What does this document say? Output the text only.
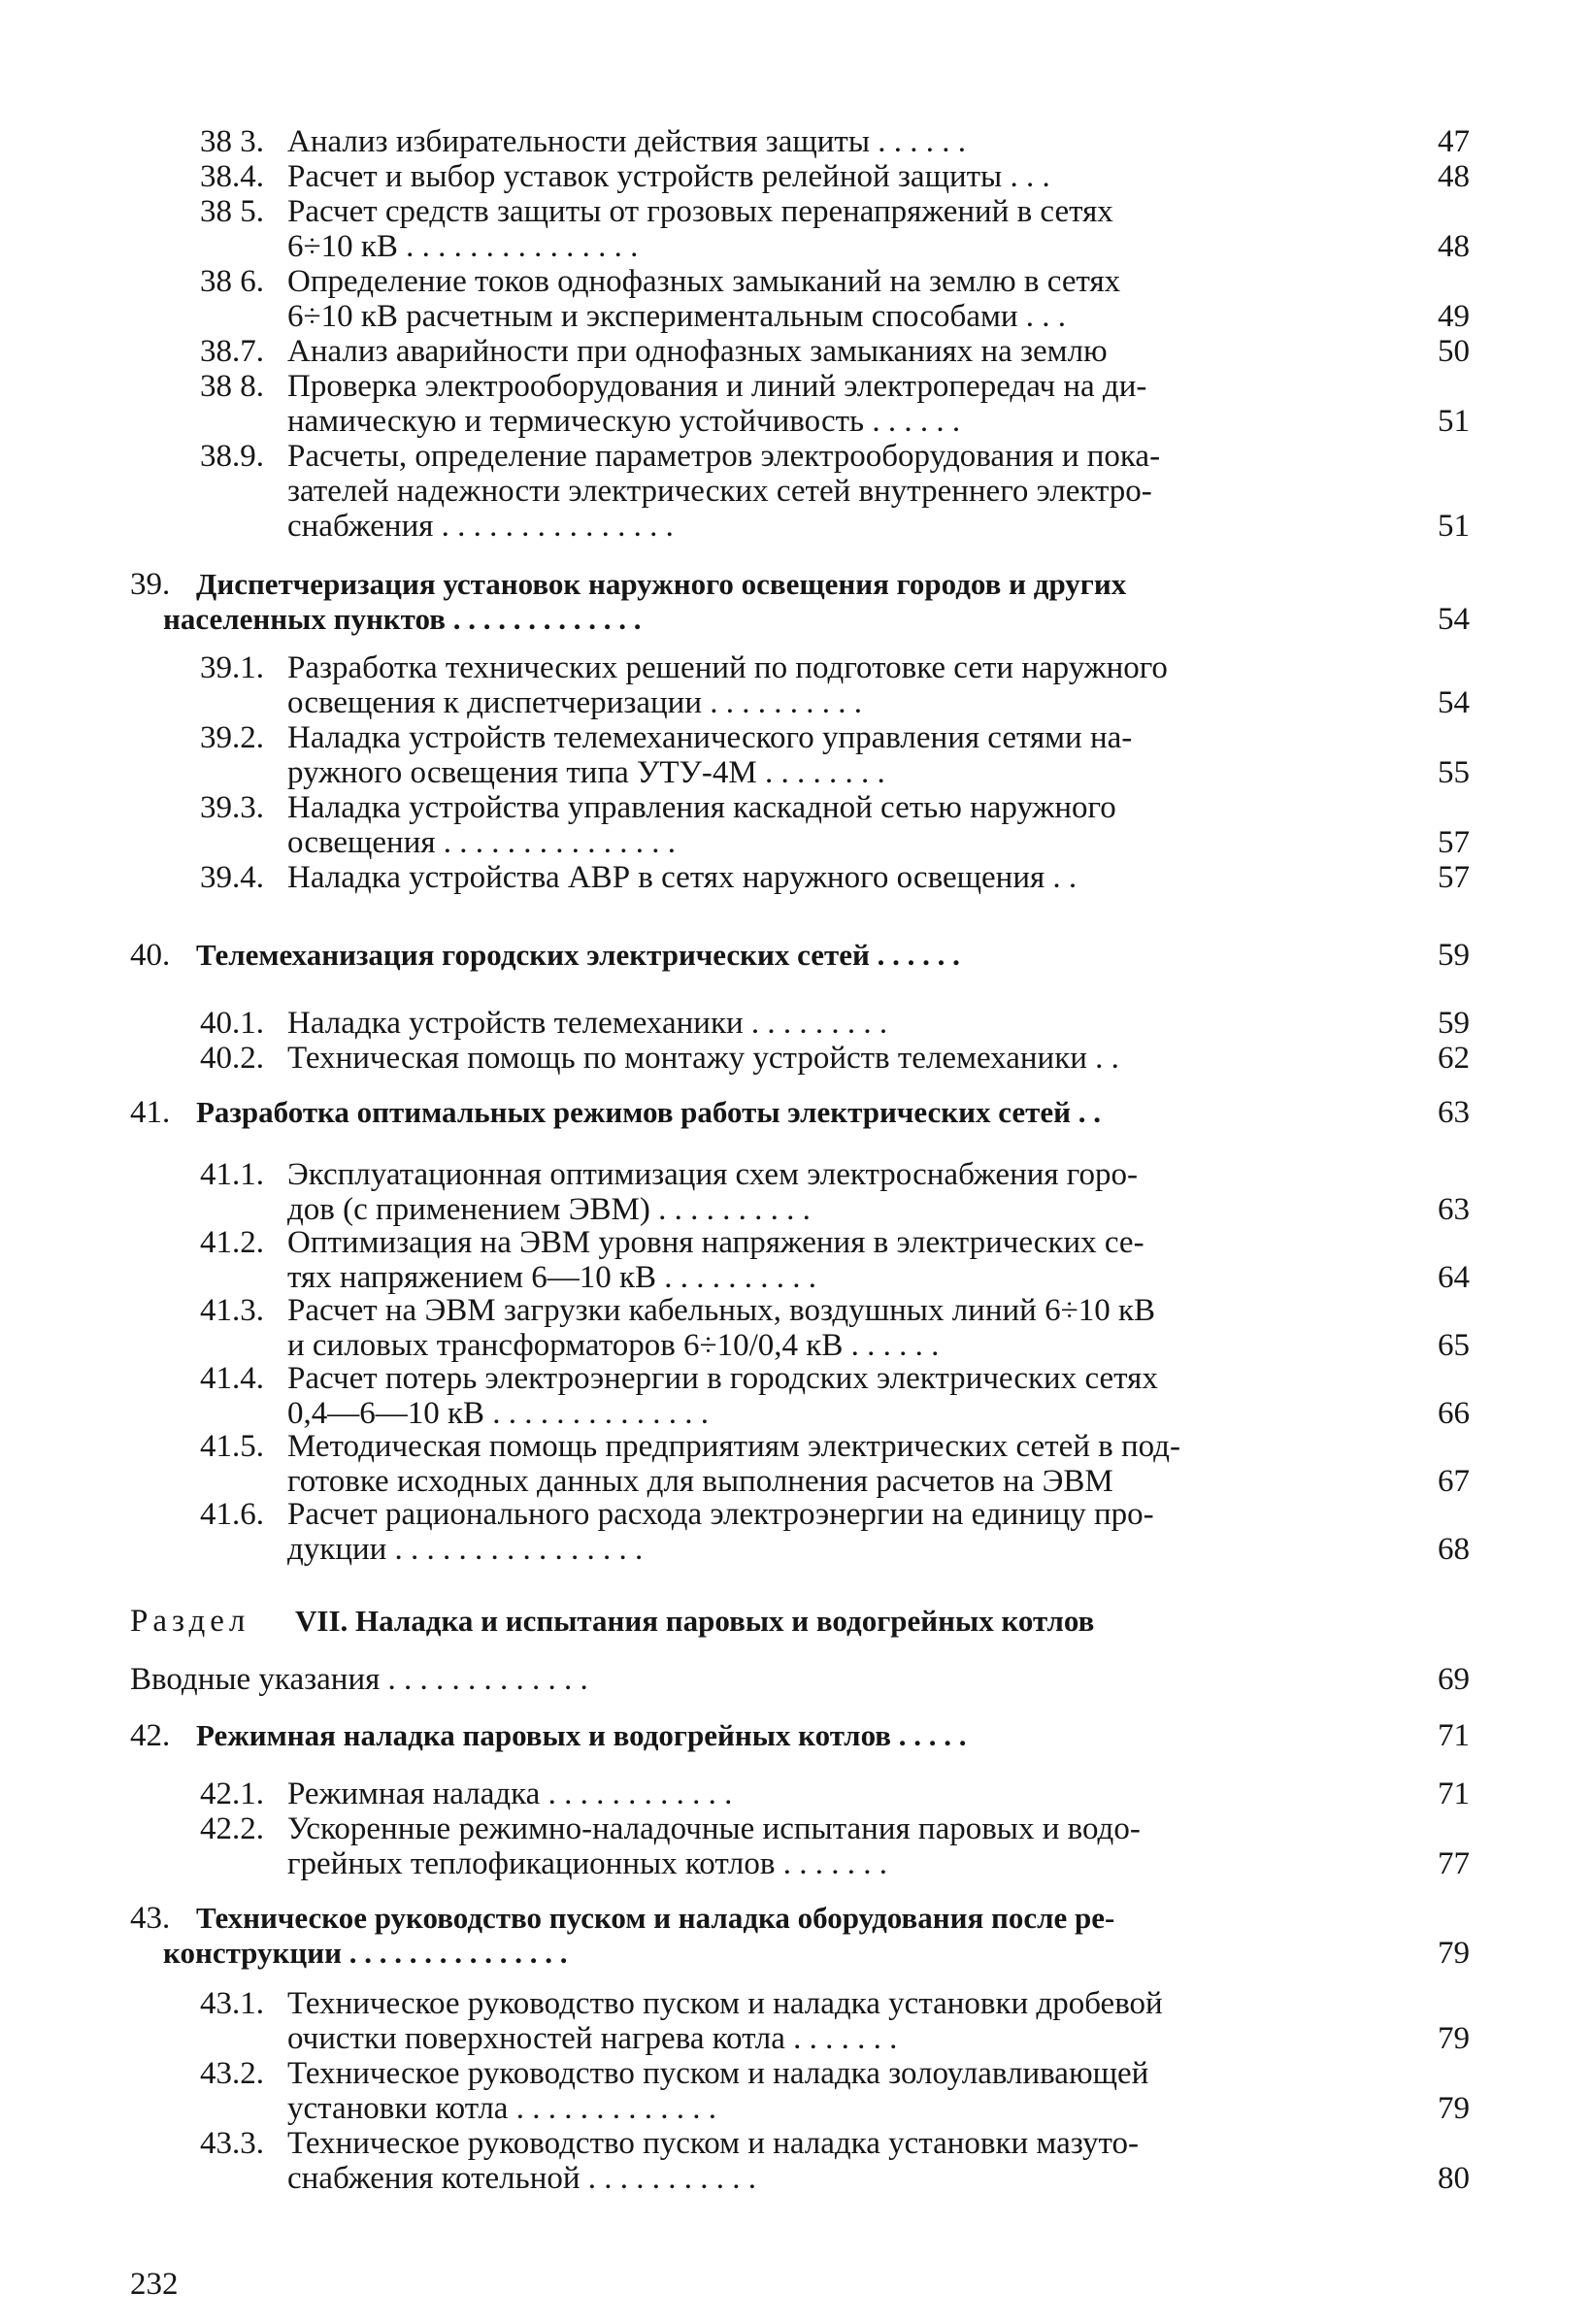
38 3. Анализ избирательности действия защиты . . . . . .	47
38.4. Расчет и выбор уставок устройств релейной защиты . . .	48
38 5. Расчет средств защиты от грозовых перенапряжений в сетях
6÷10 кВ . . . . . . . . . . . . . . .	48
38 6. Определение токов однофазных замыканий на землю в сетях
6÷10 кВ расчетным и экспериментальным способами . . .	49
38.7. Анализ аварийности при однофазных замыканиях на землю	50
38 8. Проверка электрооборудования и линий электропередач на ди-
намическую и термическую устойчивость . . . . . .	51
38.9. Расчеты, определение параметров электрооборудования и пока-
зателей надежности электрических сетей внутреннего электро-
снабжения . . . . . . . . . . . . . . .	51
39. Диспетчеризация установок наружного освещения городов и других
населенных пунктов . . . . . . . . . . . . .	54
39.1. Разработка технических решений по подготовке сети наружного
освещения к диспетчеризации . . . . . . . . . .	54
39.2. Наладка устройств телемеханического управления сетями на-
ружного освещения типа УТУ-4М . . . . . . . .	55
39.3. Наладка устройства управления каскадной сетью наружного
освещения . . . . . . . . . . . . . . .	57
39.4. Наладка устройства АВР в сетях наружного освещения . .	57
40. Телемеханизация городских электрических сетей . . . . . .	59
40.1. Наладка устройств телемеханики . . . . . . . . .	59
40.2. Техническая помощь по монтажу устройств телемеханики . .	62
41. Разработка оптимальных режимов работы электрических сетей . .	63
41.1. Эксплуатационная оптимизация схем электроснабжения горо-
дов (с применением ЭВМ) . . . . . . . . . .	63
41.2. Оптимизация на ЭВМ уровня напряжения в электрических се-
тях напряжением 6—10 кВ . . . . . . . . . .	64
41.3. Расчет на ЭВМ загрузки кабельных, воздушных линий 6÷10 кВ
и силовых трансформаторов 6÷10/0,4 кВ . . . . . .	65
41.4. Расчет потерь электроэнергии в городских электрических сетях
0,4—6—10 кВ . . . . . . . . . . . . . .	66
41.5. Методическая помощь предприятиям электрических сетей в под-
готовке исходных данных для выполнения расчетов на ЭВМ	67
41.6. Расчет рационального расхода электроэнергии на единицу про-
дукции . . . . . . . . . . . . . . . .	68
Раздел VII. Наладка и испытания паровых и водогрейных котлов
Вводные указания . . . . . . . . . . . . .	69
42. Режимная наладка паровых и водогрейных котлов . . . . .	71
42.1. Режимная наладка . . . . . . . . . . . .	71
42.2. Ускоренные режимно-наладочные испытания паровых и водо-
грейных теплофикационных котлов . . . . . . .	77
43. Техническое руководство пуском и наладка оборудования после ре-
конструкции . . . . . . . . . . . . . . .	79
43.1. Техническое руководство пуском и наладка установки дробевой
очистки поверхностей нагрева котла . . . . . . .	79
43.2. Техническое руководство пуском и наладка золоулавливающей
установки котла . . . . . . . . . . . . .	79
43.3. Техническое руководство пуском и наладка установки мазуто-
снабжения котельной . . . . . . . . . . .	80
232
